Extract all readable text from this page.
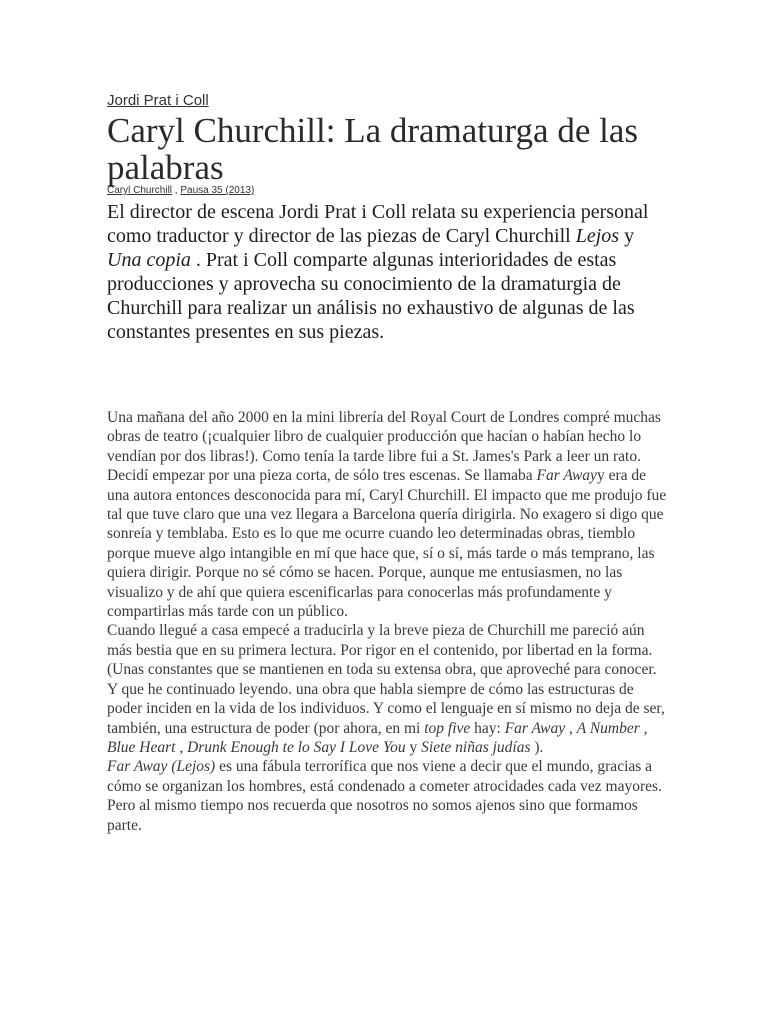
Jordi Prat i Coll
Caryl Churchill: La dramaturga de las palabras
Caryl Churchill , Pausa 35 (2013)

El director de escena Jordi Prat i Coll relata su experiencia personal como traductor y director de las piezas de Caryl Churchill Lejos y Una copia . Prat i Coll comparte algunas interioridades de estas producciones y aprovecha su conocimiento de la dramaturgia de Churchill para realizar un análisis no exhaustivo de algunas de las constantes presentes en sus piezas.

Una mañana del año 2000 en la mini librería del Royal Court de Londres compré muchas obras de teatro (¡cualquier libro de cualquier producción que hacían o habían hecho lo vendían por dos libras!). Como tenía la tarde libre fui a St. James's Park a leer un rato. Decidí empezar por una pieza corta, de sólo tres escenas. Se llamaba Far Awayy era de una autora entonces desconocida para mí, Caryl Churchill. El impacto que me produjo fue tal que tuve claro que una vez llegara a Barcelona quería dirigirla. No exagero si digo que sonreía y temblaba. Esto es lo que me ocurre cuando leo determinadas obras, tiemblo porque mueve algo intangible en mí que hace que, sí o sí, más tarde o más temprano, las quiera dirigir. Porque no sé cómo se hacen. Porque, aunque me entusiasmen, no las visualizo y de ahí que quiera escenificarlas para conocerlas más profundamente y compartirlas más tarde con un público.

Cuando llegué a casa empecé a traducirla y la breve pieza de Churchill me pareció aún más bestia que en su primera lectura. Por rigor en el contenido, por libertad en la forma. (Unas constantes que se mantienen en toda su extensa obra, que aproveché para conocer. Y que he continuado leyendo. una obra que habla siempre de cómo las estructuras de poder inciden en la vida de los individuos. Y como el lenguaje en sí mismo no deja de ser, también, una estructura de poder (por ahora, en mi top five hay: Far Away , A Number , Blue Heart , Drunk Enough te lo Say I Love You y Siete niñas judías ).

Far Away (Lejos) es una fábula terrorífica que nos viene a decir que el mundo, gracias a cómo se organizan los hombres, está condenado a cometer atrocidades cada vez mayores. Pero al mismo tiempo nos recuerda que nosotros no somos ajenos sino que formamos parte.
